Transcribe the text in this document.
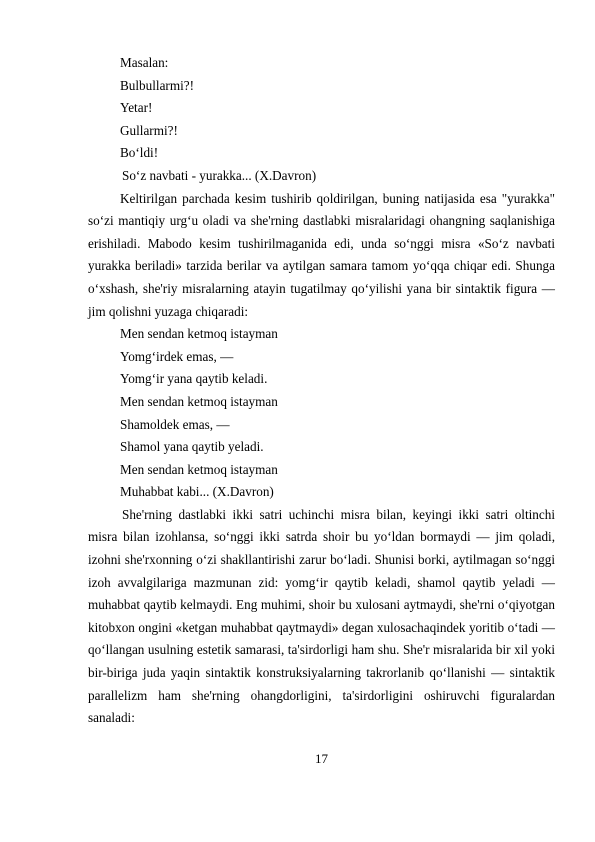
Masalan:
Bulbullarmi?!
Yetar!
Gullarmi?!
Bo‘ldi!
So‘z navbati - yurakka... (X.Davron)

Keltirilgan parchada kesim tushirib qoldirilgan, buning natijasida esa "yurakka" so‘zi mantiqiy urg‘u oladi va she'rning dastlabki misralaridagi ohangning saqlanishiga erishiladi. Mabodo kesim tushirilmaganida edi, unda so‘nggi misra «So‘z navbati yurakka beriladi» tarzida berilar va aytilgan samara tamom yo‘qqa chiqar edi. Shunga o‘xshash, she'riy misralarning atayin tugatilmay qo‘yilishi yana bir sintaktik figura — jim qolishni yuzaga chiqaradi:

Men sendan ketmoq istayman
Yomg‘irdek emas, —
Yomg‘ir yana qaytib keladi.
Men sendan ketmoq istayman
Shamoldek emas, —
Shamol yana qaytib yeladi.
Men sendan ketmoq istayman
Muhabbat kabi... (X.Davron)

She'rning dastlabki ikki satri uchinchi misra bilan, keyingi ikki satri oltinchi misra bilan izohlansa, so‘nggi ikki satrda shoir bu yo‘ldan bormaydi — jim qoladi, izohni she'rxonning o‘zi shakllantirishi zarur bo‘ladi. Shunisi borki, aytilmagan so‘nggi izoh avvalgilariga mazmunan zid: yomg‘ir qaytib keladi, shamol qaytib yeladi — muhabbat qaytib kelmaydi. Eng muhimi, shoir bu xulosani aytmaydi, she'rni o‘qiyotgan kitobxon ongini «ketgan muhabbat qaytmaydi» degan xulosachaqindek yoritib o‘tadi — qo‘llangan usulning estetik samarasi, ta'sirdorligi ham shu. She'r misralarida bir xil yoki bir-biriga juda yaqin sintaktik konstruksiyalarning takrorlanib qo‘llanishi — sintaktik parallelizm ham she'rning ohangdorligini, ta'sirdorligini oshiruvchi figuralardan sanaladi:

17
